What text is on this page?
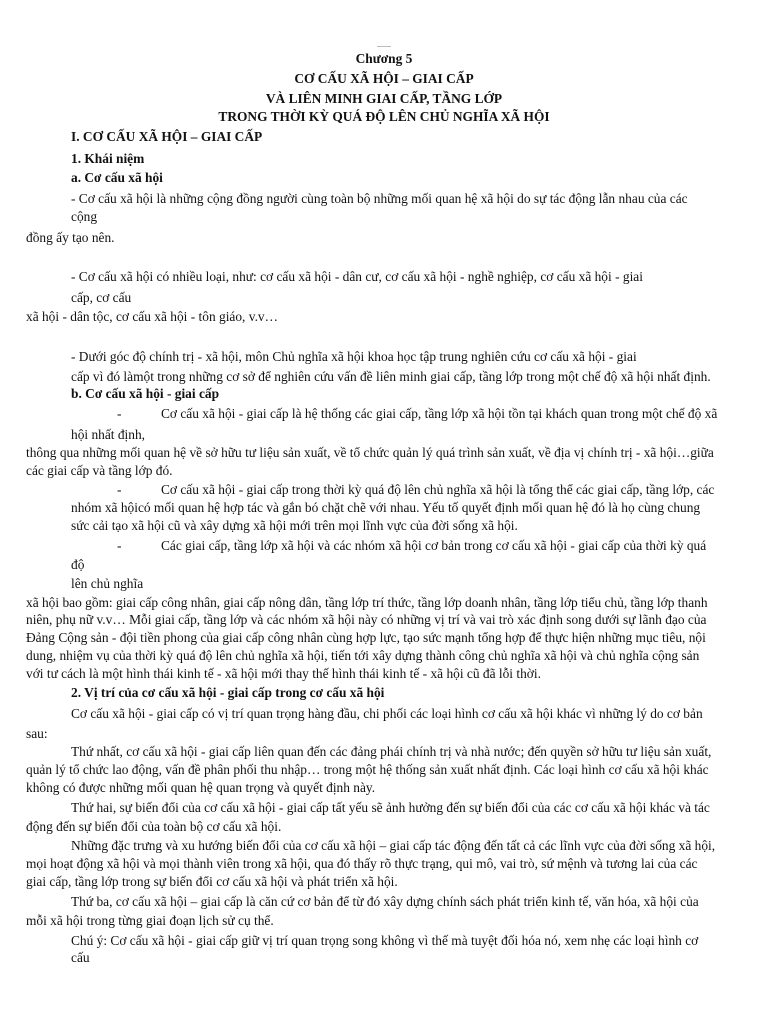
Chương 5
CƠ CẤU XÃ HỘI – GIAI CẤP
VÀ LIÊN MINH GIAI CẤP, TẦNG LỚP
TRONG THỜI KỲ QUÁ ĐỘ LÊN CHỦ NGHĨA XÃ HỘI
I. CƠ CẤU XÃ HỘI – GIAI CẤP
1. Khái niệm
a. Cơ cấu xã hội
- Cơ cấu xã hội là những cộng đồng người cùng toàn bộ những mối quan hệ xã hội do sự tác động lẫn nhau của các
cộng
đồng ấy tạo nên.
- Cơ cấu xã hội có nhiều loại, như: cơ cấu xã hội - dân cư, cơ cấu xã hội - nghề nghiệp, cơ cấu xã hội - giai
cấp, cơ cấu
xã hội - dân tộc, cơ cấu xã hội - tôn giáo, v.v…
- Dưới góc độ chính trị - xã hội, môn Chủ nghĩa xã hội khoa học tập trung nghiên cứu cơ cấu xã hội - giai
cấp vì đó làmột trong những cơ sở để nghiên cứu vấn đề liên minh giai cấp, tầng lớp trong một chế độ xã hội nhất định.
b. Cơ cấu xã hội - giai cấp
-	Cơ cấu xã hội - giai cấp là hệ thống các giai cấp, tầng lớp xã hội tồn tại khách quan trong một chế độ xã
hội nhất định,
thông qua những mối quan hệ về sở hữu tư liệu sản xuất, về tổ chức quản lý quá trình sản xuất, về địa vị chính trị - xã hội…giữa
các giai cấp và tầng lớp đó.
-	Cơ cấu xã hội - giai cấp trong thời kỳ quá độ lên chủ nghĩa xã hội là tổng thể các giai cấp, tầng lớp, các
nhóm xã hộicó mối quan hệ hợp tác và gắn bó chặt chẽ với nhau. Yếu tố quyết định mối quan hệ đó là họ cùng chung
sức cải tạo xã hội cũ và xây dựng xã hội mới trên mọi lĩnh vực của đời sống xã hội.
-	Các giai cấp, tầng lớp xã hội và các nhóm xã hội cơ bản trong cơ cấu xã hội - giai cấp của thời kỳ quá
độ
lên chủ nghĩa
xã hội bao gồm: giai cấp công nhân, giai cấp nông dân, tầng lớp trí thức, tầng lớp doanh nhân, tầng lớp tiểu chủ, tầng lớp thanh
niên, phụ nữ v.v… Mỗi giai cấp, tầng lớp và các nhóm xã hội này có những vị trí và vai trò xác định song dưới sự lãnh đạo của
Đảng Cộng sản - đội tiền phong của giai cấp công nhân cùng hợp lực, tạo sức mạnh tổng hợp để thực hiện những mục tiêu, nội
dung, nhiệm vụ của thời kỳ quá độ lên chủ nghĩa xã hội, tiến tới xây dựng thành công chủ nghĩa xã hội và chủ nghĩa cộng sản
với tư cách là một hình thái kinh tế - xã hội mới thay thế hình thái kinh tế - xã hội cũ đã lỗi thời.
2. Vị trí của cơ cấu xã hội - giai cấp trong cơ cấu xã hội
Cơ cấu xã hội - giai cấp có vị trí quan trọng hàng đầu, chi phối các loại hình cơ cấu xã hội khác vì những lý do cơ bản
sau:
Thứ nhất, cơ cấu xã hội - giai cấp liên quan đến các đảng phái chính trị và nhà nước; đến quyền sở hữu tư liệu sản xuất,
quản lý tổ chức lao động, vấn đề phân phối thu nhập… trong một hệ thống sản xuất nhất định. Các loại hình cơ cấu xã hội khác
không có được những mối quan hệ quan trọng và quyết định này.
Thứ hai, sự biến đổi của cơ cấu xã hội - giai cấp tất yếu sẽ ảnh hưởng đến sự biến đổi của các cơ cấu xã hội khác và tác
động đến sự biến đổi của toàn bộ cơ cấu xã hội.
Những đặc trưng và xu hướng biến đổi của cơ cấu xã hội – giai cấp tác động đến tất cả các lĩnh vực của đời sống xã hội,
mọi hoạt động xã hội và mọi thành viên trong xã hội, qua đó thấy rõ thực trạng, qui mô, vai trò, sứ mệnh và tương lai của các
giai cấp, tầng lớp trong sự biến đổi cơ cấu xã hội và phát triển xã hội.
Thứ ba, cơ cấu xã hội – giai cấp là căn cứ cơ bản để từ đó xây dựng chính sách phát triển kinh tế, văn hóa, xã hội của
mỗi xã hội trong từng giai đoạn lịch sử cụ thể.
Chú ý: Cơ cấu xã hội - giai cấp giữ vị trí quan trọng song không vì thế mà tuyệt đối hóa nó, xem nhẹ các loại hình cơ
cấu
